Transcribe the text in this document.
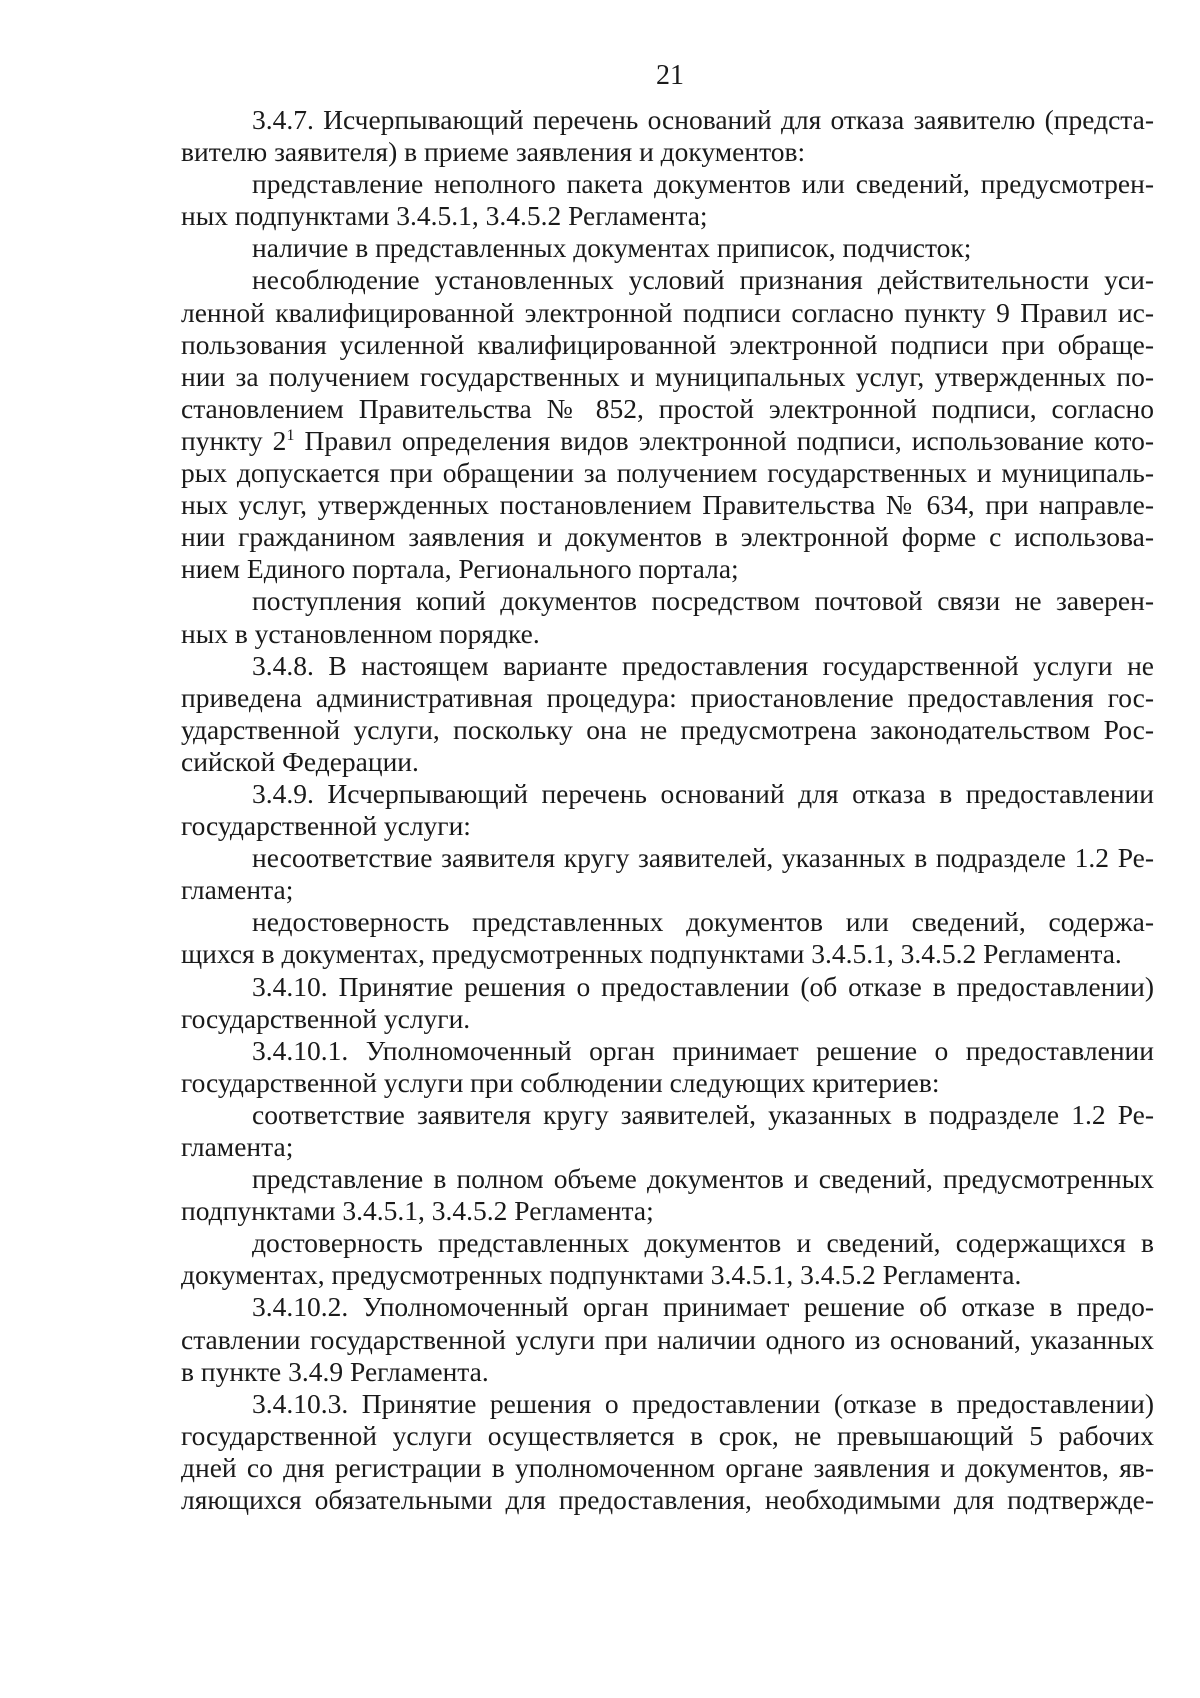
21

3.4.7. Исчерпывающий перечень оснований для отказа заявителю (предста-
вителю заявителя) в приеме заявления и документов:

представление неполного пакета документов или сведений, предусмотрен-
ных подпунктами 3.4.5.1, 3.4.5.2 Регламента;

наличие в представленных документах приписок, подчисток;

несоблюдение установленных условий признания действительности уси-
ленной квалифицированной электронной подписи согласно пункту 9 Правил ис-
пользования усиленной квалифицированной электронной подписи при обраще-
нии за получением государственных и муниципальных услуг, утвержденных по-
становлением Правительства № 852, простой электронной подписи, согласно
пункту $2^1$ Правил определения видов электронной подписи, использование кото-
рых допускается при обращении за получением государственных и муниципаль-
ных услуг, утвержденных постановлением Правительства № 634, при направле-
нии гражданином заявления и документов в электронной форме с использова-
нием Единого портала, Регионального портала;

поступления копий документов посредством почтовой связи не заверен-
ных в установленном порядке.

3.4.8. В настоящем варианте предоставления государственной услуги не
приведена административная процедура: приостановление предоставления гос-
ударственной услуги, поскольку она не предусмотрена законодательством Рос-
сийской Федерации.

3.4.9. Исчерпывающий перечень оснований для отказа в предоставлении
государственной услуги:

несоответствие заявителя кругу заявителей, указанных в подразделе 1.2 Ре-
гламента;

недостоверность представленных документов или сведений, содержа-
щихся в документах, предусмотренных подпунктами 3.4.5.1, 3.4.5.2 Регламента.

3.4.10. Принятие решения о предоставлении (об отказе в предоставлении)
государственной услуги.

3.4.10.1. Уполномоченный орган принимает решение о предоставлении
государственной услуги при соблюдении следующих критериев:

соответствие заявителя кругу заявителей, указанных в подразделе 1.2 Ре-
гламента;

представление в полном объеме документов и сведений, предусмотренных
подпунктами 3.4.5.1, 3.4.5.2 Регламента;

достоверность представленных документов и сведений, содержащихся в
документах, предусмотренных подпунктами 3.4.5.1, 3.4.5.2 Регламента.

3.4.10.2. Уполномоченный орган принимает решение об отказе в предо-
ставлении государственной услуги при наличии одного из оснований, указанных
в пункте 3.4.9 Регламента.

3.4.10.3. Принятие решения о предоставлении (отказе в предоставлении)
государственной услуги осуществляется в срок, не превышающий 5 рабочих
дней со дня регистрации в уполномоченном органе заявления и документов, яв-
ляющихся обязательными для предоставления, необходимыми для подтвержде-
